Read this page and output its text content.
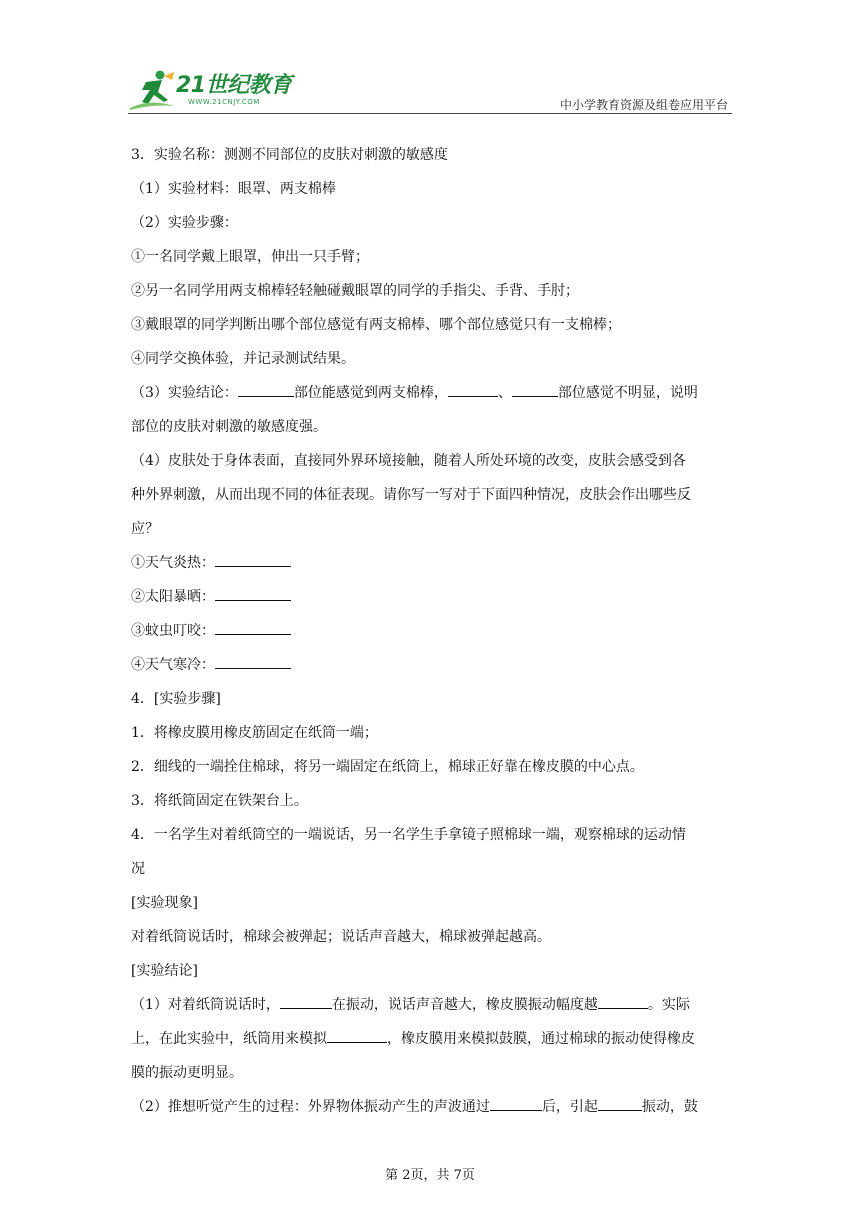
21世纪教育
WWW.21CNJY.COM	中小学教育资源及组卷应用平台
3．实验名称：测测不同部位的皮肤对刺激的敏感度
（1）实验材料：眼罩、两支棉棒
（2）实验步骤：
①一名同学戴上眼罩，伸出一只手臂；
②另一名同学用两支棉棒轻轻触碰戴眼罩的同学的手指尖、手背、手肘；
③戴眼罩的同学判断出哪个部位感觉有两支棉棒、哪个部位感觉只有一支棉棒；
④同学交换体验，并记录测试结果。
（3）实验结论：	部位能感觉到两支棉棒，	、	部位感觉不明显，说明
部位的皮肤对刺激的敏感度强。
（4）皮肤处于身体表面，直接同外界环境接触，随着人所处环境的改变，皮肤会感受到各
种外界刺激，从而出现不同的体征表现。请你写一写对于下面四种情况，皮肤会作出哪些反
应？
①天气炎热：
②太阳暴晒：
③蚊虫叮咬：
④天气寒冷：
4．[实验步骤]
1．将橡皮膜用橡皮筋固定在纸筒一端；
2．细线的一端拴住棉球，将另一端固定在纸筒上，棉球正好靠在橡皮膜的中心点。
3．将纸筒固定在铁架台上。
4．一名学生对着纸筒空的一端说话，另一名学生手拿镜子照棉球一端，观察棉球的运动情
况
[实验现象]
对着纸筒说话时，棉球会被弹起；说话声音越大，棉球被弹起越高。
[实验结论]
（1）对着纸筒说话时，	在振动，说话声音越大，橡皮膜振动幅度越	。实际
上，在此实验中，纸筒用来模拟	，橡皮膜用来模拟鼓膜，通过棉球的振动使得橡皮
膜的振动更明显。
（2）推想听觉产生的过程：外界物体振动产生的声波通过	后，引起	振动，鼓
第 2页，共 7页
